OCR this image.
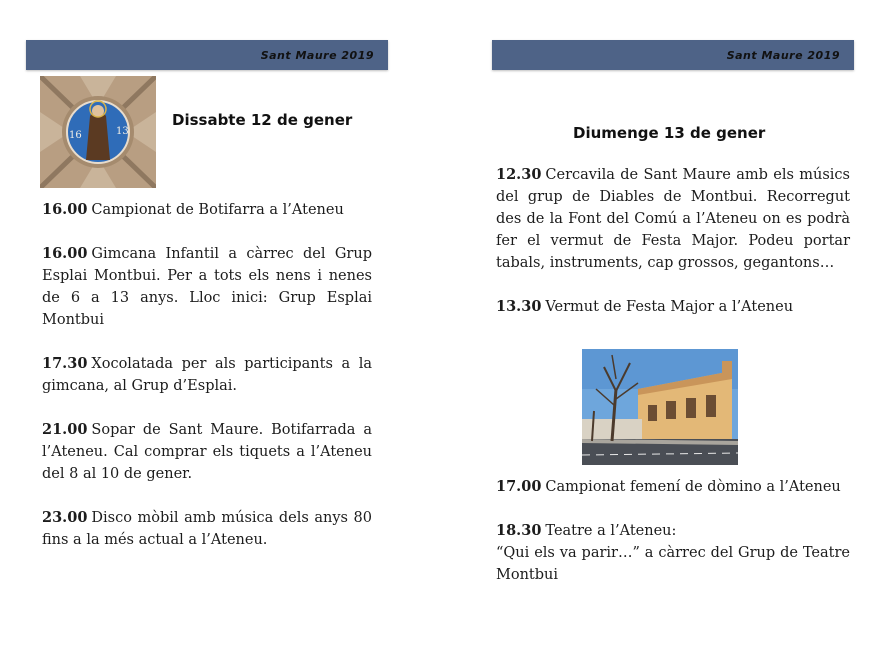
Sant Maure 2019
16	13
Dissabte 12 de gener

16.00 Campionat de Botifarra a l’Ateneu

16.00 Gimcana Infantil a càrrec del Grup Esplai Montbui. Per a tots els nens i nenes de 6 a 13 anys. Lloc inici: Grup Esplai Montbui

17.30 Xocolatada per als participants a la gimcana, al Grup d’Esplai.

21.00 Sopar de Sant Maure. Botifarrada a l’Ateneu. Cal comprar els tiquets a l’Ateneu del 8 al 10 de gener.

23.00 Disco mòbil amb música dels anys 80 fins a la més actual a l’Ateneu.

Sant Maure 2019
Diumenge 13 de gener

12.30 Cercavila de Sant Maure amb els músics del grup de Diables de Montbui. Recorregut des de la Font del Comú a l’Ateneu on es podrà fer el vermut de Festa Major. Podeu portar tabals, instruments, cap grossos, gegantons…

13.30 Vermut de Festa Major a l’Ateneu

17.00 Campionat femení de dòmino a l’Ateneu

18.30 Teatre a l’Ateneu:
“Qui els va parir…” a càrrec del Grup de Teatre Montbui
